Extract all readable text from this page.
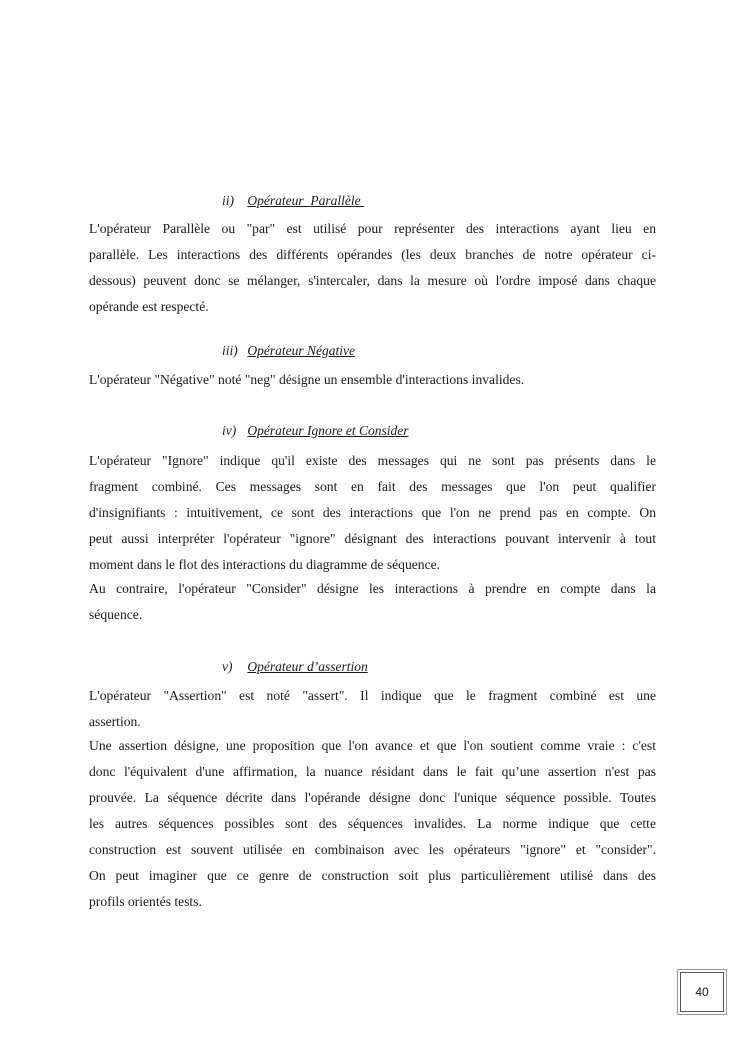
ii) Opérateur  Parallèle
L'opérateur Parallèle ou "par" est utilisé pour représenter des interactions ayant lieu en
parallèle. Les interactions des différents opérandes (les deux branches de notre opérateur ci-
dessous) peuvent donc se mélanger, s'intercaler, dans la mesure où l'ordre imposé dans chaque
opérande est respecté.
iii) Opérateur Négative
L'opérateur "Négative" noté "neg" désigne un ensemble d'interactions invalides.
iv) Opérateur Ignore et Consider
L'opérateur "Ignore" indique qu'il existe des messages qui ne sont pas présents dans le
fragment combiné. Ces messages sont en fait des messages que l'on peut qualifier
d'insignifiants : intuitivement, ce sont des interactions que l'on ne prend pas en compte. On
peut aussi interpréter l'opérateur "ignore" désignant des interactions pouvant intervenir à tout
moment dans le flot des interactions du diagramme de séquence.
Au contraire, l'opérateur "Consider" désigne les interactions à prendre en compte dans la
séquence.
v) Opérateur d’assertion
L'opérateur "Assertion" est noté "assert". Il indique que le fragment combiné est une
assertion.
Une assertion désigne, une proposition que l'on avance et que l'on soutient comme vraie : c'est
donc l'équivalent d'une affirmation, la nuance résidant dans le fait qu’une assertion n'est pas
prouvée. La séquence décrite dans l'opérande désigne donc l'unique séquence possible. Toutes
les autres séquences possibles sont des séquences invalides. La norme indique que cette
construction est souvent utilisée en combinaison avec les opérateurs "ignore" et "consider".
On peut imaginer que ce genre de construction soit plus particulièrement utilisé dans des
profils orientés tests.
40
